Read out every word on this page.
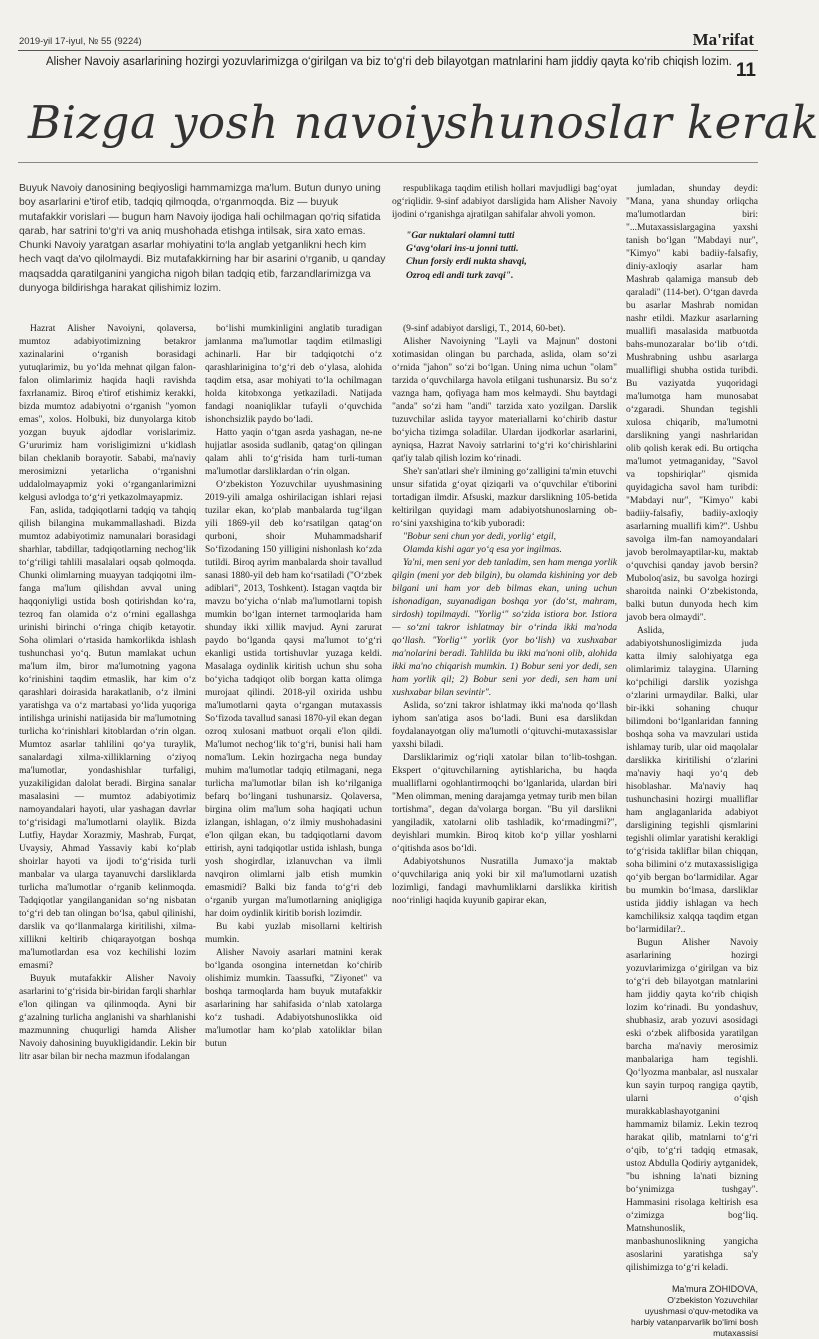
2019-yil 17-iyul, № 55 (9224)	Ma'rifat
Alisher Navoiy asarlarining hozirgi yozuvlarimizga o‘girilgan va biz to‘g‘ri deb bilayotgan matnlarini ham jiddiy qayta ko‘rib chiqish lozim. 11
Bizga yosh navoiyshunoslar kerak
Buyuk Navoiy danosining beqiyosligi hammamizga ma'lum. Butun dunyo uning boy asarlarini e'tirof etib, tadqiq qilmoqda, o‘rganmoqda. Biz — buyuk mutafakkir vorislari — bugun ham Navoiy ijodiga hali ochilmagan qo‘riq sifatida qarab, har satrini to‘g‘ri va aniq mushohada etishga intilsak, sira xato emas. Chunki Navoiy yaratgan asarlar mohiyatini to‘la anglab yetganlikni hech kim hech vaqt da'vo qilolmaydi. Biz mutafakkirning har bir asarini o‘rganib, u qanday maqsadda qaratilganini yangicha nigoh bilan tadqiq etib, farzandlarimizga va dunyoga bildirishga harakat qilishimiz lozim.

Hazrat Alisher Navoiyni, qolaversa, mumtoz adabiyotimizning betakror xazinalarini o‘rganish borasidagi yutuqlarimiz, bu yo‘lda mehnat qilgan falon-falon olimlarimiz haqida haqli ravishda faxrlanamiz. Biroq e'tirof etishimiz kerakki, bizda mumtoz adabiyotni o‘rganish "yomon emas", xolos. Holbuki, biz dunyolarga kitob yozgan buyuk ajdodlar vorislarimiz. G‘ururimiz ham vorisligimizni u‘kidlash bilan cheklanib borayotir. Sababi, ma'naviy merosimizni yetarlicha o‘rganishni uddalolmayapmiz yoki o‘rganganlarimizni kelgusi avlodga to‘g‘ri yetkazolmayapmiz.

Fan, aslida, tadqiqotlarni tadqiq va tahqiq qilish bilangina mukammallashadi. Bizda mumtoz adabiyotimiz namunalari borasidagi sharhlar, tabdillar, tadqiqotlarning nechog‘lik to‘g‘riligi tahlili masalalari oqsab qolmoqda. Chunki olimlarning muayyan tadqiqotni ilm-fanga ma'lum qilishdan avval uning haqqoniyligi ustida bosh qotirishdan ko‘ra, tezroq fan olamida o‘z o‘rnini egallashga urinishi birinchi o‘ringa chiqib ketayotir. Soha olimlari o‘rtasida hamkorlikda ishlash tushunchasi yo‘q. Butun mamlakat uchun ma'lum ilm, biror ma'lumotning yagona ko‘rinishini taqdim etmaslik, har kim o‘z qarashlari doirasida harakatlanib, o‘z ilmini yaratishga va o‘z martabasi yo‘lida yuqoriga intilishga urinishi natijasida bir ma'lumotning turlicha ko‘rinishlari kitoblardan o‘rin olgan. Mumtoz asarlar tahlilini qo‘ya turaylik, sanalardagi xilma-xilliklarning o‘ziyoq ma'lumotlar, yondashishlar turfaligi, yuzakiligidan dalolat beradi. Birgina sanalar masalasini — mumtoz adabiyotimiz namoyandalari hayoti, ular yashagan davrlar to‘g‘risidagi ma'lumotlarni olaylik. Bizda Lutfiy, Haydar Xorazmiy, Mashrab, Furqat, Uvaysiy, Ahmad Yassaviy kabi ko‘plab shoirlar hayoti va ijodi to‘g‘risida turli manbalar va ularga tayanuvchi darsliklarda turlicha ma'lumotlar o‘rganib kelinmoqda. Tadqiqotlar yangilanganidan so‘ng nisbatan to‘g‘ri deb tan olingan bo‘lsa, qabul qilinishi, darslik va qo‘llanmalarga kiritilishi, xilma-xillikni keltirib chiqarayotgan boshqa ma'lumotlardan esa voz kechilishi lozim emasmi?

Buyuk mutafakkir Alisher Navoiy asarlarini to‘g‘risida bir-biridan farqli sharhlar e'lon qilingan va qilinmoqda. Ayni bir g‘azalning turlicha anglanishi va sharhlanishi mazmunning chuqurligi hamda Alisher Navoiy dahosining buyukligidandir. Lekin bir litr asar bilan bir necha mazmun ifodalangan

bo‘lishi mumkinligini anglatib turadigan jamlanma ma'lumotlar taqdim etilmasligi achinarli. Har bir tadqiqotchi o‘z qarashlarinigina to‘g‘ri deb o‘ylasa, alohida taqdim etsa, asar mohiyati to‘la ochilmagan holda kitobxonga yetkaziladi. Natijada fandagi noaniqliklar tufayli o‘quvchida ishonchsizlik paydo bo‘ladi.

Hatto yaqin o‘tgan asrda yashagan, ne-ne hujjatlar asosida sudlanib, qatag‘on qilingan qalam ahli to‘g‘risida ham turli-tuman ma'lumotlar darsliklardan o‘rin olgan.

O‘zbekiston Yozuvchilar uyushmasining 2019-yili amalga oshirilacigan ishlari rejasi tuzilar ekan, ko‘plab manbalarda tug‘ilgan yili 1869-yil deb ko‘rsatilgan qatag‘on qurboni, shoir Muhammadsharif So‘fizodaning 150 yilligini nishonlash ko‘zda tutildi. Biroq ayrim manbalarda shoir tavallud sanasi 1880-yil deb ham ko‘rsatiladi ("O‘zbek adiblari", 2013, Toshkent). Istagan vaqtda bir mavzu bo‘yicha o‘nlab ma'lumotlarni topish mumkin bo‘lgan internet tarmoqlarida ham shunday ikki xillik mavjud. Ayni zarurat paydo bo‘lganda qaysi ma'lumot to‘g‘ri ekanligi ustida tortishuvlar yuzaga keldi. Masalaga oydinlik kiritish uchun shu soha bo‘yicha tadqiqot olib borgan katta olimga murojaat qilindi. 2018-yil oxirida ushbu ma'lumotlarni qayta o‘rgangan mutaxassis So‘fizoda tavallud sanasi 1870-yil ekan degan ozroq xulosani matbuot orqali e'lon qildi. Ma'lumot nechog‘lik to‘g‘ri, bunisi hali ham noma'lum. Lekin hozirgacha nega bunday muhim ma'lumotlar tadqiq etilmagani, nega turlicha ma'lumotlar bilan ish ko‘rilganiga befarq bo‘lingani tushunarsiz. Qolaversa, birgina olim ma'lum soha haqiqati uchun izlangan, ishlagan, o‘z ilmiy mushohadasini e'lon qilgan ekan, bu tadqiqotlarni davom ettirish, ayni tadqiqotlar ustida ishlash, bunga yosh shogirdlar, izlanuvchan va ilmli navqiron olimlarni jalb etish mumkin emasmidi? Balki biz fanda to‘g‘ri deb o‘rganib yurgan ma'lumotlarning aniqligiga har doim oydinlik kiritib borish lozimdir.

Bu kabi yuzlab misollarni keltirish mumkin.

Alisher Navoiy asarlari matnini kerak bo‘lganda osongina internetdan ko‘chirib olishimiz mumkin. Taassufki, "Ziyonet" va boshqa tarmoqlarda ham buyuk mutafakkir asarlarining har sahifasida o‘nlab xatolarga ko‘z tushadi. Adabiyotshunoslikka oid ma'lumotlar ham ko‘plab xatoliklar bilan butun

respublikaga taqdim etilish hollari mavjudligi bag‘oyat og‘riqlidir. 9-sinf adabiyot darsligida ham Alisher Navoiy ijodini o‘rganishga ajratilgan sahifalar ahvoli yomon.

"Gar nuktalari olamni tutti
G‘avg‘olari ins-u jonni tutti.
Chun forsiy erdi nukta shavqi,
Ozroq edi andi turk zavqi".

(9-sinf adabiyot darsligi, T., 2014, 60-bet).

Alisher Navoiyning "Layli va Majnun" dostoni xotimasidan olingan bu parchada, aslida, olam so‘zi o‘rnida "jahon" so‘zi bo‘lgan. Uning nima uchun "olam" tarzida o‘quvchilarga havola etilgani tushunarsiz. Bu so‘z vaznga ham, qofiyaga ham mos kelmaydi. Shu baytdagi "anda" so‘zi ham "andi" tarzida xato yozilgan. Darslik tuzuvchilar aslida tayyor materiallarni ko‘chirib dastur bo‘yicha tizimga soladilar. Ulardan ijodkorlar asarlarini, ayniqsa, Hazrat Navoiy satrlarini to‘g‘ri ko‘chirishlarini qat'iy talab qilish lozim ko‘rinadi.

She'r san'atlari she'r ilmining go‘zalligini ta'min etuvchi unsur sifatida g‘oyat qiziqarli va o‘quvchilar e'tiborini tortadigan ilmdir. Afsuski, mazkur darslikning 105-betida keltirilgan quyidagi mam adabiyotshunoslarning ob-ro‘sini yaxshigina to‘kib yuboradi:

"Bobur seni chun yor dedi, yorlig‘ etgil,

Olamda kishi agar yo‘q esa yor ingilmas.

Ya'ni, men seni yor deb tanladim, sen ham menga yorlik qilgin (meni yor deb bilgin), bu olamda kishining yor deb bilgani uni ham yor deb bilmas ekan, uning uchun ishonadigan, suyanadigan boshqa yor (do‘st, mahram, sirdosh) topilmaydi. "Yorlig‘" so‘zida istiora bor. Istiora — so‘zni takror ishlatmay bir o‘rinda ikki ma'noda qo‘llash. "Yorlig‘" yorlik (yor bo‘lish) va xushxabar ma'nolarini beradi. Tahlilda bu ikki ma'noni olib, alohida ikki ma'no chiqarish mumkin. 1) Bobur seni yor dedi, sen ham yorlik qil; 2) Bobur seni yor dedi, sen ham uni xushxabar bilan sevintir".

Aslida, so‘zni takror ishlatmay ikki ma'noda qo‘llash iyhom san'atiga asos bo‘ladi. Buni esa darslikdan foydalanayotgan oliy ma'lumotli o‘qituvchi-mutaxassislar yaxshi biladi.

Darsliklarimiz og‘riqli xatolar bilan to‘lib-toshgan. Ekspert o‘qituvchilarning aytishlaricha, bu haqda mualliflarni ogohlantirmoqchi bo‘lganlarida, ulardan biri "Men olimman, mening darajamga yetmay turib men bilan tortishma", degan da'volarga borgan. "Bu yil darslikni yangiladik, xatolarni olib tashladik, ko‘rmadingmi?", deyishlari mumkin. Biroq kitob ko‘p yillar yoshlarni o‘qitishda asos bo‘ldi.

Adabiyotshunos Nusratilla Jumaxo‘ja maktab o‘quvchilariga aniq yoki bir xil ma'lumotlarni uzatish lozimligi, fandagi mavhumliklarni darslikka kiritish noo‘rinligi haqida kuyunib gapirar ekan,

jumladan, shunday deydi: "Mana, yana shunday orliqcha ma'lumotlardan biri: "...Mutaxassislargagina yaxshi tanish bo‘lgan "Mabdayi nur", "Kimyo" kabi badiiy-falsafiy, diniy-axloqiy asarlar ham Mashrab qalamiga mansub deb qaraladi" (114-bet). O‘tgan davrda bu asarlar Mashrab nomidan nashr etildi. Mazkur asarlarning muallifi masalasida matbuotda bahs-munozaralar bo‘lib o‘tdi. Mushrabning ushbu asarlarga muallifligi shubha ostida turibdi. Bu vaziyatda yuqoridagi ma'lumotga ham munosabat o‘zgaradi. Shundan tegishli xulosa chiqarib, ma'lumotni darslikning yangi nashrlaridan olib qolish kerak edi. Bu ortiqcha ma'lumot yetmaganiday, "Savol va topshiriqlar" qismida quyidagicha savol ham turibdi: "Mabdayi nur", "Kimyo" kabi badiiy-falsafiy, badiiy-axloqiy asarlarning muallifi kim?". Ushbu savolga ilm-fan namoyandalari javob berolmayaptilar-ku, maktab o‘quvchisi qanday javob bersin? Muboloq'asiz, bu savolga hozirgi sharoitda nainki O‘zbekistonda, balki butun dunyoda hech kim javob bera olmaydi".

Aslida, adabiyotshunosligimizda juda katta ilmiy salohiyatga ega olimlarimiz talaygina. Ularning ko‘pchiligi darslik yozishga o‘zlarini urmaydilar. Balki, ular bir-ikki sohaning chuqur bilimdoni bo‘lganlaridan fanning boshqa soha va mavzulari ustida ishlamay turib, ular oid maqolalar darslikka kiritilishi o‘zlarini ma'naviy haqi yo‘q deb hisoblashar. Ma'naviy haq tushunchasini hozirgi mualliflar ham anglaganlarida adabiyot darsligining tegishli qismlarini tegishli olimlar yaratishi kerakligi to‘g‘risida takliflar bilan chiqqan, soha bilimini o‘z mutaxassisligiga qo‘yib bergan bo‘larmidilar. Agar bu mumkin bo‘lmasa, darsliklar ustida jiddiy ishlagan va hech kamchiliksiz xalqqa taqdim etgan bo‘larmidilar?..

Bugun Alisher Navoiy asarlarining hozirgi yozuvlarimizga o‘girilgan va biz to‘g‘ri deb bilayotgan matnlarini ham jiddiy qayta ko‘rib chiqish lozim ko‘rinadi. Bu yondashuv, shubhasiz, arab yozuvi asosidagi eski o‘zbek alifbosida yaratilgan barcha ma'naviy merosimiz manbalariga ham tegishli. Qo‘lyozma manbalar, asl nusxalar kun sayin turpoq rangiga qaytib, ularni o‘qish murakkablashayotganini hammamiz bilamiz. Lekin tezroq harakat qilib, matnlarni to‘g‘ri o‘qib, to‘g‘ri tadqiq etmasak, ustoz Abdulla Qodiriy aytganidek, "bu ishning la'nati bizning bo‘ynimizga tushgay". Hammasini risolaga keltirish esa o‘zimizga bog‘liq. Matnshunoslik, manbashunoslikning yangicha asoslarini yaratishga sa'y qilishimizga to‘g‘ri keladi.

Ma'mura ZOHIDOVA,
O‘zbekiston Yozuvchilar uyushmasi o‘quv-metodika va harbiy vatanparvarlik bo‘limi bosh mutaxassisi
